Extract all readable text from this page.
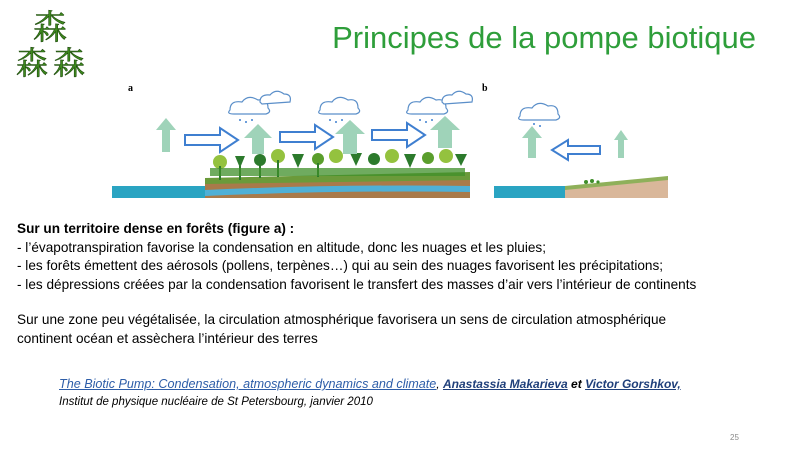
森
森 森
Principes de la pompe biotique
a	b
Sur un territoire dense en forêts (figure a) :
- l’évapotranspiration favorise la condensation en altitude, donc les nuages et les pluies;
- les forêts émettent des aérosols (pollens, terpènes…) qui au sein des nuages favorisent les précipitations;
- les dépressions créées par la condensation favorisent le transfert des masses d’air vers l’intérieur de continents
Sur une zone peu végétalisée, la circulation atmosphérique favorisera un sens de circulation atmosphérique
continent océan et assèchera l’intérieur des terres
The Biotic Pump: Condensation, atmospheric dynamics and climate, Anastassia Makarieva et Victor Gorshkov,
Institut de physique nucléaire de St Petersbourg, janvier 2010
25
